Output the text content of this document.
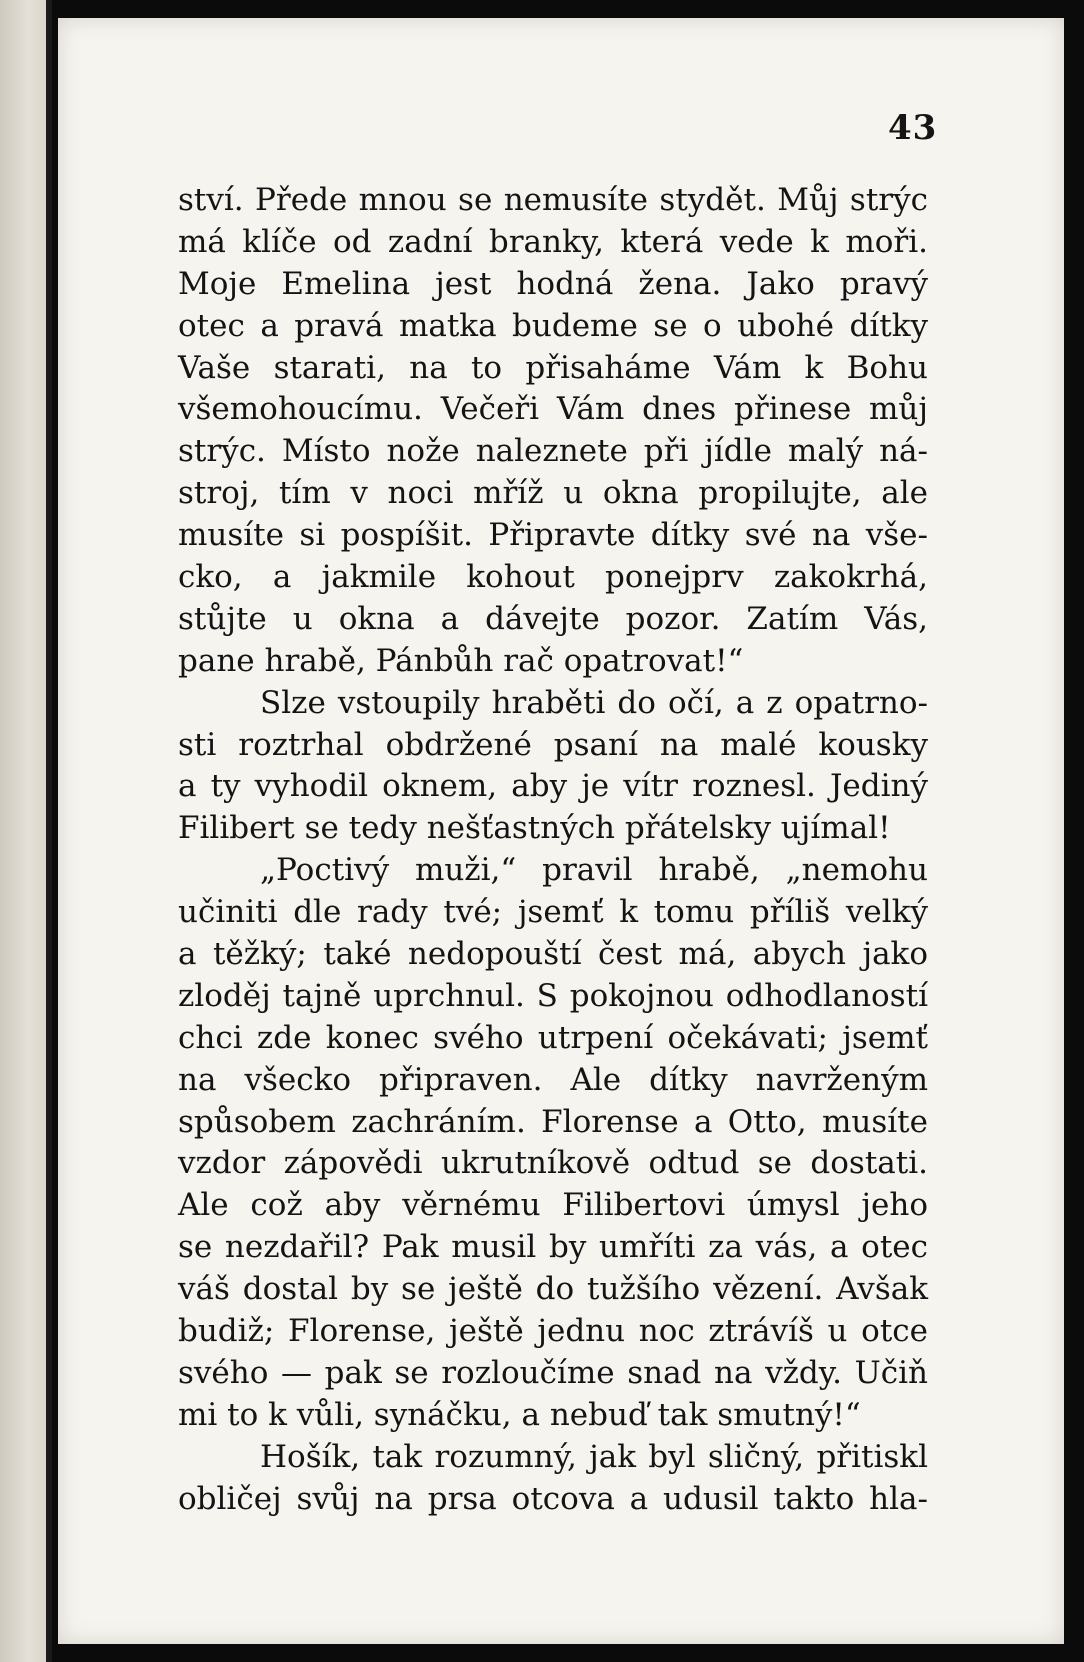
43
ství. Přede mnou se nemusíte stydět. Můj strýc
má klíče od zadní branky, která vede k moři.
Moje Emelina jest hodná žena. Jako pravý
otec a pravá matka budeme se o ubohé dítky
Vaše starati, na to přisaháme Vám k Bohu
všemohoucímu. Večeři Vám dnes přinese můj
strýc. Místo nože naleznete při jídle malý ná-
stroj, tím v noci mříž u okna propilujte, ale
musíte si pospíšit. Připravte dítky své na vše-
cko, a jakmile kohout ponejprv zakokrhá,
stůjte u okna a dávejte pozor. Zatím Vás,
pane hrabě, Pánbůh rač opatrovat!“
Slze vstoupily hraběti do očí, a z opatrno-
sti roztrhal obdržené psaní na malé kousky
a ty vyhodil oknem, aby je vítr roznesl. Jediný
Filibert se tedy nešťastných přátelsky ujímal!
„Poctivý muži,“ pravil hrabě, „nemohu
učiniti dle rady tvé; jsemť k tomu příliš velký
a těžký; také nedopouští čest má, abych jako
zloděj tajně uprchnul. S pokojnou odhodlaností
chci zde konec svého utrpení očekávati; jsemť
na všecko připraven. Ale dítky navrženým
spůsobem zachráním. Florense a Otto, musíte
vzdor zápovědi ukrutníkově odtud se dostati.
Ale což aby věrnému Filibertovi úmysl jeho
se nezdařil? Pak musil by umříti za vás, a otec
váš dostal by se ještě do tužšího vězení. Avšak
budiž; Florense, ještě jednu noc ztrávíš u otce
svého — pak se rozloučíme snad na vždy. Učiň
mi to k vůli, synáčku, a nebuď tak smutný!“
Hošík, tak rozumný, jak byl sličný, přitiskl
obličej svůj na prsa otcova a udusil takto hla-
